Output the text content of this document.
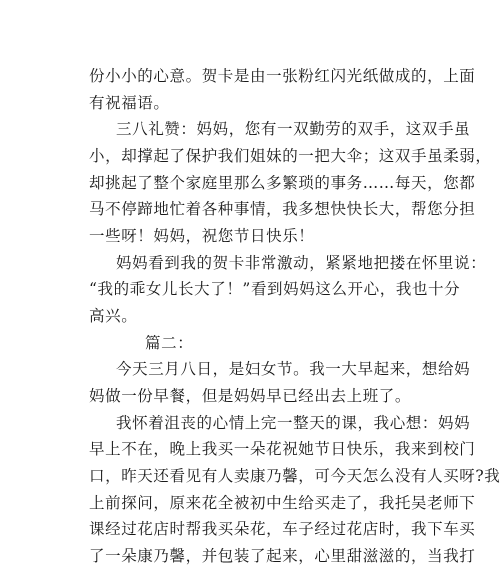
份小小的心意。贺卡是由一张粉红闪光纸做成的，上面
有祝福语。
三八礼赞：妈妈，您有一双勤劳的双手，这双手虽
小，却撑起了保护我们姐妹的一把大伞；这双手虽柔弱，
却挑起了整个家庭里那么多繁琐的事务……每天，您都
马不停蹄地忙着各种事情，我多想快快长大，帮您分担
一些呀！妈妈，祝您节日快乐！
妈妈看到我的贺卡非常激动，紧紧地把搂在怀里说：
“我的乖女儿长大了！”看到妈妈这么开心，我也十分
高兴。
篇二：
今天三月八日，是妇女节。我一大早起来，想给妈
妈做一份早餐，但是妈妈早已经出去上班了。
我怀着沮丧的心情上完一整天的课，我心想：妈妈
早上不在，晚上我买一朵花祝她节日快乐，我来到校门
口，昨天还看见有人卖康乃馨，可今天怎么没有人买呀?我
上前探问，原来花全被初中生给买走了，我托吴老师下
课经过花店时帮我买朵花，车子经过花店时，我下车买
了一朵康乃馨，并包装了起来，心里甜滋滋的，当我打
